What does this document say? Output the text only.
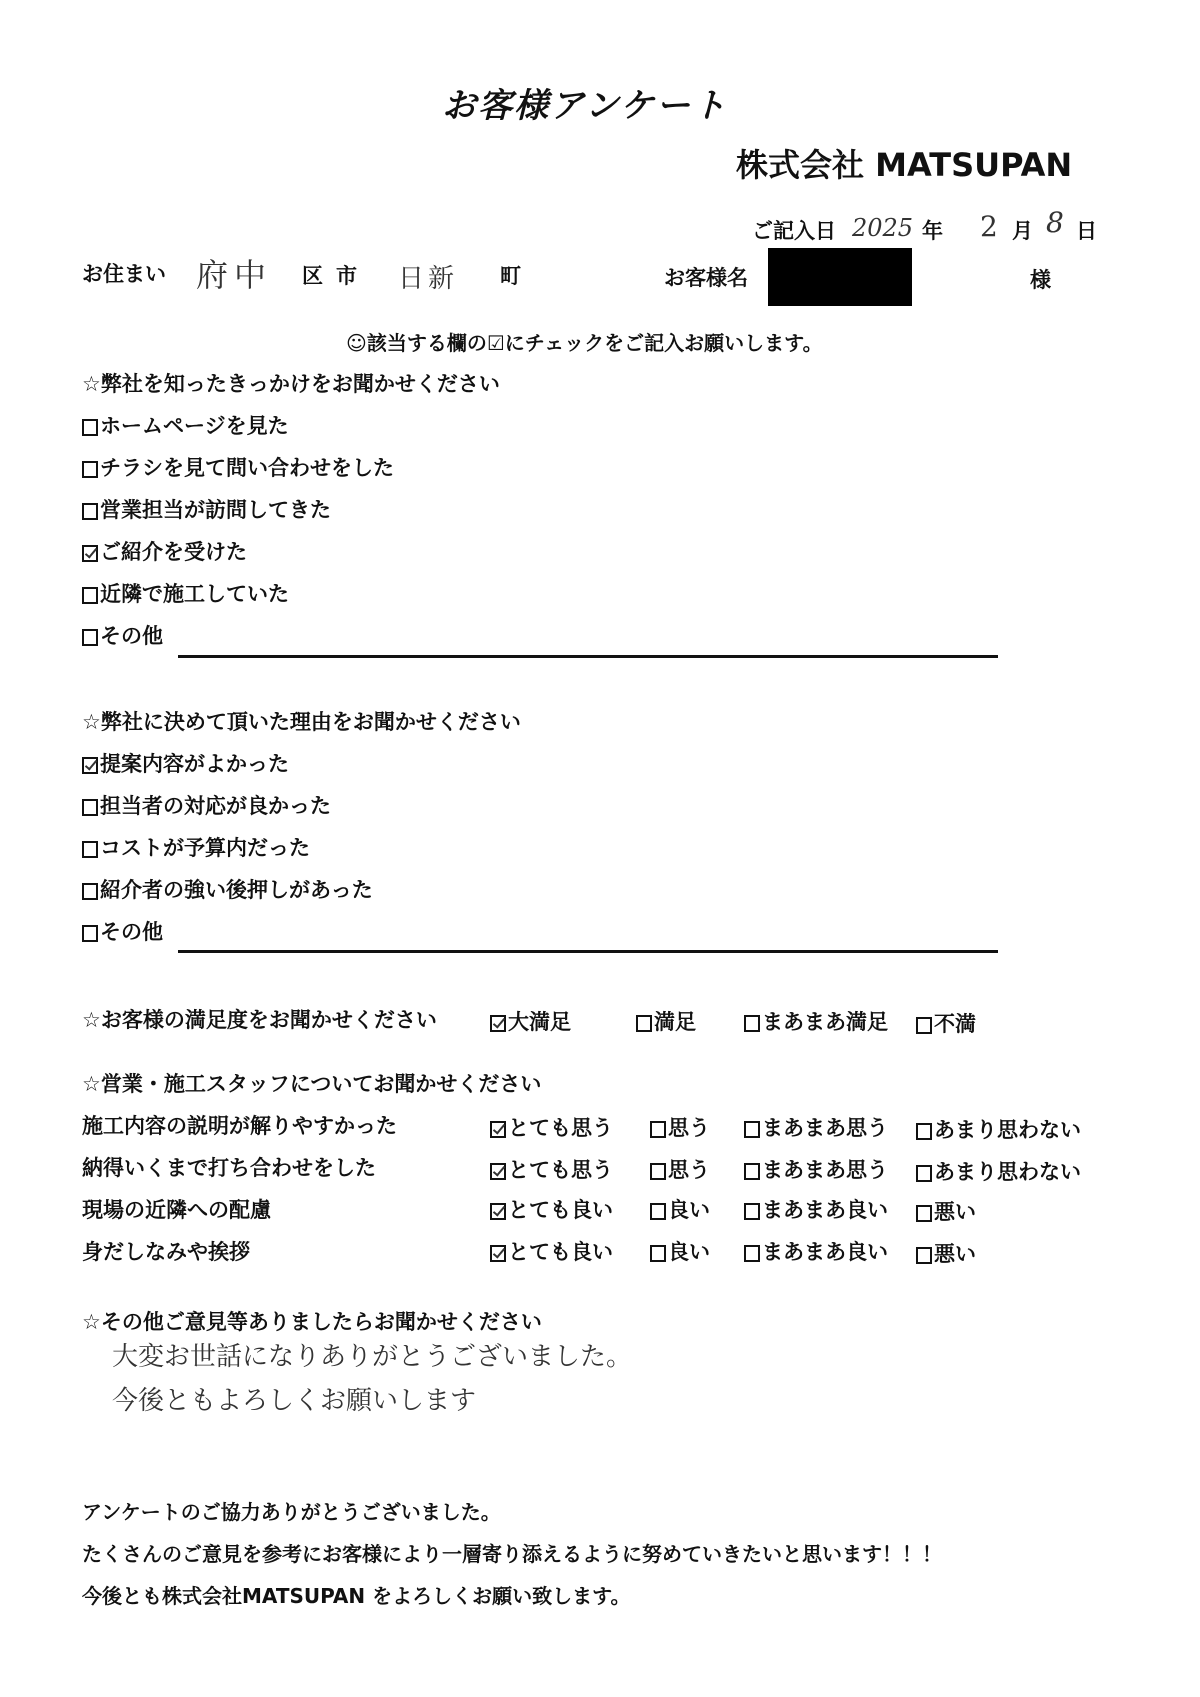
お客様アンケート
株式会社 MATSUPAN
ご記入日 2025 年 2 月 8 日
お住まい 府中 区 市 日新 町	お客様名	様
☺該当する欄の☑にチェックをご記入お願いします。
☆弊社を知ったきっかけをお聞かせください
ホームページを見た
チラシを見て問い合わせをした
営業担当が訪問してきた
ご紹介を受けた
近隣で施工していた
その他
☆弊社に決めて頂いた理由をお聞かせください
提案内容がよかった
担当者の対応が良かった
コストが予算内だった
紹介者の強い後押しがあった
その他
☆お客様の満足度をお聞かせください	大満足	満足	まあまあ満足	不満
☆営業・施工スタッフについてお聞かせください
施工内容の説明が解りやすかった	とても思う	思う	まあまあ思う	あまり思わない
納得いくまで打ち合わせをした	とても思う	思う	まあまあ思う	あまり思わない
現場の近隣への配慮	とても良い	良い	まあまあ良い	悪い
身だしなみや挨拶	とても良い	良い	まあまあ良い	悪い
☆その他ご意見等ありましたらお聞かせください
大変お世話になりありがとうございました。
今後ともよろしくお願いします
アンケートのご協力ありがとうございました。
たくさんのご意見を参考にお客様により一層寄り添えるように努めていきたいと思います！！！
今後とも株式会社MATSUPAN をよろしくお願い致します。
